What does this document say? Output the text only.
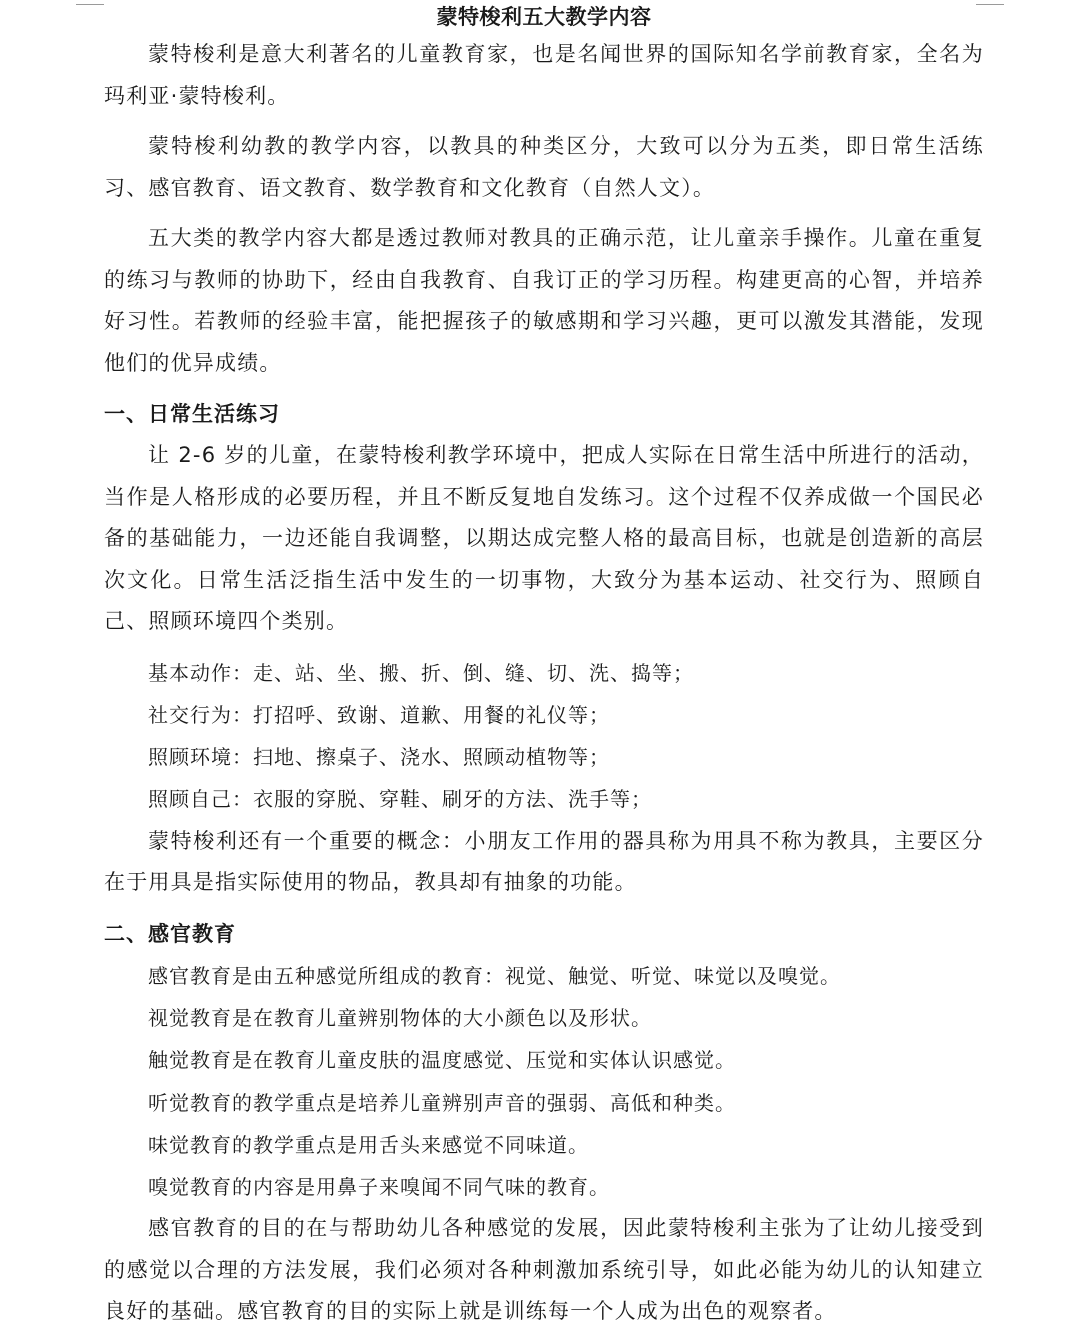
蒙特梭利五大教学内容

蒙特梭利是意大利著名的儿童教育家，也是名闻世界的国际知名学前教育家，全名为玛利亚·蒙特梭利。

蒙特梭利幼教的教学内容，以教具的种类区分，大致可以分为五类，即日常生活练习、感官教育、语文教育、数学教育和文化教育（自然人文）。

五大类的教学内容大都是透过教师对教具的正确示范，让儿童亲手操作。儿童在重复的练习与教师的协助下，经由自我教育、自我订正的学习历程。构建更高的心智，并培养好习性。若教师的经验丰富，能把握孩子的敏感期和学习兴趣，更可以激发其潜能，发现他们的优异成绩。

一、日常生活练习

让 2-6 岁的儿童，在蒙特梭利教学环境中，把成人实际在日常生活中所进行的活动，当作是人格形成的必要历程，并且不断反复地自发练习。这个过程不仅养成做一个国民必备的基础能力，一边还能自我调整，以期达成完整人格的最高目标，也就是创造新的高层次文化。日常生活泛指生活中发生的一切事物，大致分为基本运动、社交行为、照顾自己、照顾环境四个类别。

基本动作：走、站、坐、搬、折、倒、缝、切、洗、捣等；

社交行为：打招呼、致谢、道歉、用餐的礼仪等；

照顾环境：扫地、擦桌子、浇水、照顾动植物等；

照顾自己：衣服的穿脱、穿鞋、刷牙的方法、洗手等；

蒙特梭利还有一个重要的概念：小朋友工作用的器具称为用具不称为教具，主要区分在于用具是指实际使用的物品，教具却有抽象的功能。

二、感官教育

感官教育是由五种感觉所组成的教育：视觉、触觉、听觉、味觉以及嗅觉。

视觉教育是在教育儿童辨别物体的大小颜色以及形状。

触觉教育是在教育儿童皮肤的温度感觉、压觉和实体认识感觉。

听觉教育的教学重点是培养儿童辨别声音的强弱、高低和种类。

味觉教育的教学重点是用舌头来感觉不同味道。

嗅觉教育的内容是用鼻子来嗅闻不同气味的教育。

感官教育的目的在与帮助幼儿各种感觉的发展，因此蒙特梭利主张为了让幼儿接受到的感觉以合理的方法发展，我们必须对各种刺激加系统引导，如此必能为幼儿的认知建立良好的基础。感官教育的目的实际上就是训练每一个人成为出色的观察者。
